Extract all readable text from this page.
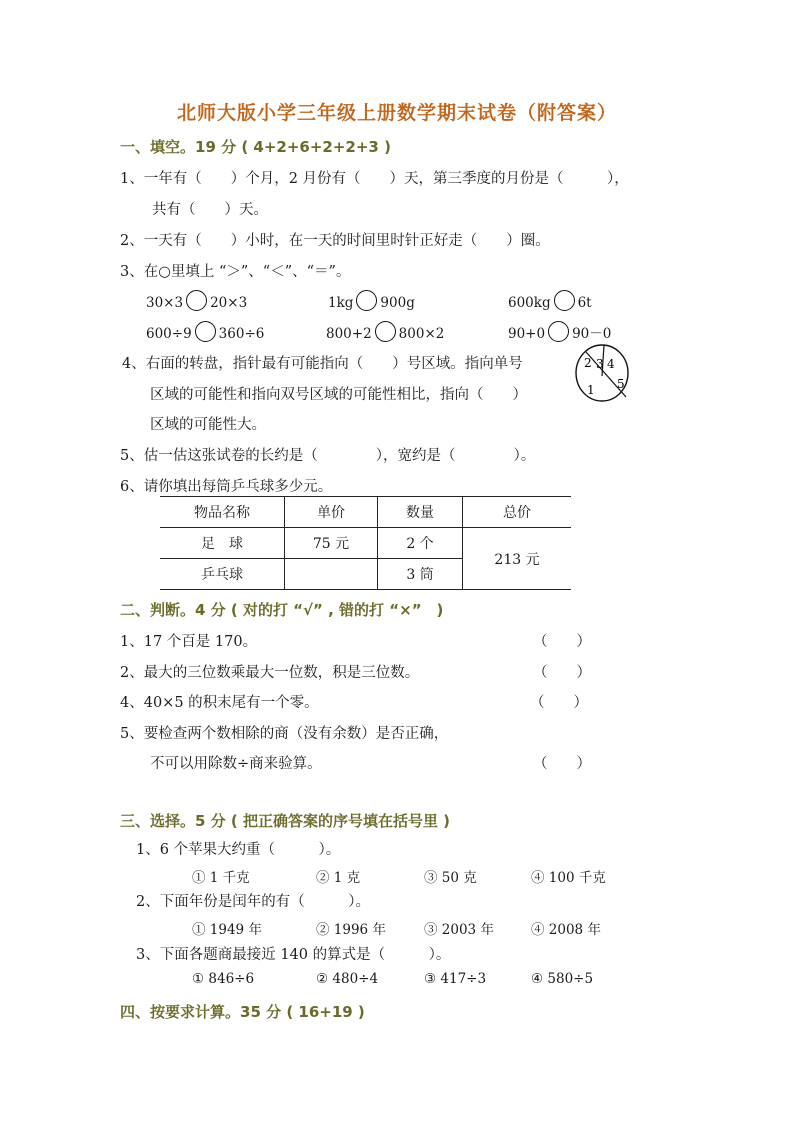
北师大版小学三年级上册数学期末试卷（附答案）
一、填空。19 分 ( 4+2+6+2+2+3 )
1、一年有（　　）个月，2 月份有（　　）天，第三季度的月份是（　　　），
共有（　　）天。
2、一天有（　　）小时，在一天的时间里时针正好走（　　）圈。
3、在○里填上 “＞”、“＜”、“＝”。
30×3 20×3	1kg 900g	600kg 6t
600÷9 360÷6	800+2 800×2	90+0 90－0
4、右面的转盘，指针最有可能指向（　　）号区域。指向单号
区域的可能性和指向双号区域的可能性相比，指向（　　）
区域的可能性大。
2 3 4
1 5
5、估一估这张试卷的长约是（　　　　），宽约是（　　　　）。
6、请你填出每筒乒乓球多少元。
物品名称	单价	数量	总价
足　球	75 元	2 个	213 元
乒乓球		3 筒	
二、判断。4 分 ( 对的打 “√” , 错的打 “×”　)
1、17 个百是 170。	（　　）
2、最大的三位数乘最大一位数，积是三位数。	（　　）
4、40×5 的积末尾有一个零。	（　　）
5、要检查两个数相除的商（没有余数）是否正确，
不可以用除数÷商来验算。	（　　）
三、选择。5 分 ( 把正确答案的序号填在括号里 )
1、6 个苹果大约重（　　　）。
① 1 千克	② 1 克	③ 50 克	④ 100 千克
2、下面年份是闰年的有（　　　）。
① 1949 年	② 1996 年	③ 2003 年	④ 2008 年
3、下面各题商最接近 140 的算式是（　　　）。
① 846÷6	② 480÷4	③ 417÷3	④ 580÷5
四、按要求计算。35 分 ( 16+19 )
